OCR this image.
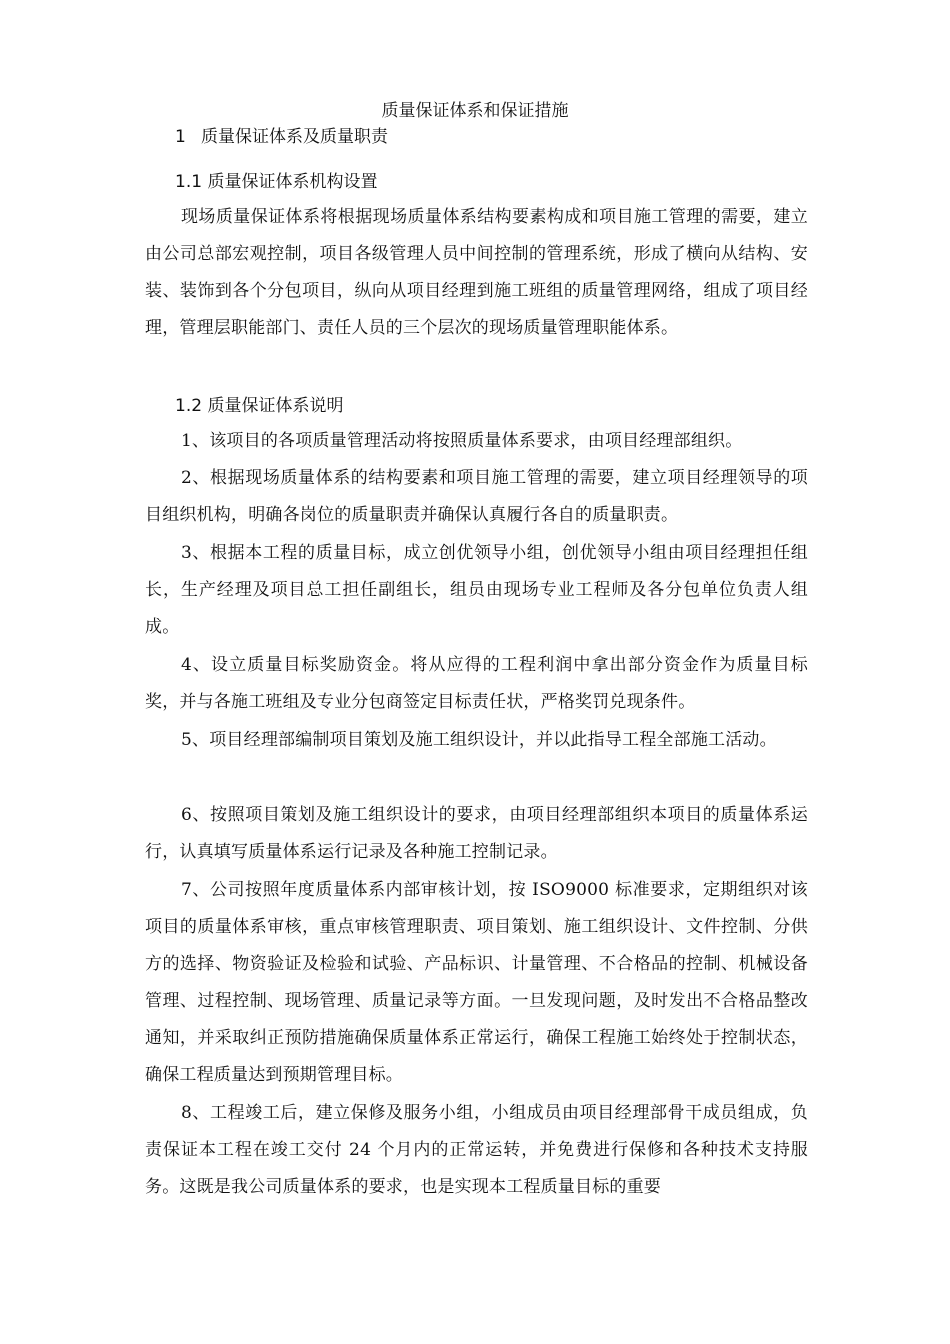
质量保证体系和保证措施
1 质量保证体系及质量职责
1.1 质量保证体系机构设置
现场质量保证体系将根据现场质量体系结构要素构成和项目施工管理的需要，建立由公司总部宏观控制，项目各级管理人员中间控制的管理系统，形成了横向从结构、安装、装饰到各个分包项目，纵向从项目经理到施工班组的质量管理网络，组成了项目经理，管理层职能部门、责任人员的三个层次的现场质量管理职能体系。
1.2 质量保证体系说明
1、该项目的各项质量管理活动将按照质量体系要求，由项目经理部组织。
2、根据现场质量体系的结构要素和项目施工管理的需要，建立项目经理领导的项目组织机构，明确各岗位的质量职责并确保认真履行各自的质量职责。
3、根据本工程的质量目标，成立创优领导小组，创优领导小组由项目经理担任组长，生产经理及项目总工担任副组长，组员由现场专业工程师及各分包单位负责人组成。
4、设立质量目标奖励资金。将从应得的工程利润中拿出部分资金作为质量目标奖，并与各施工班组及专业分包商签定目标责任状，严格奖罚兑现条件。
5、项目经理部编制项目策划及施工组织设计，并以此指导工程全部施工活动。
6、按照项目策划及施工组织设计的要求，由项目经理部组织本项目的质量体系运行，认真填写质量体系运行记录及各种施工控制记录。
7、公司按照年度质量体系内部审核计划，按 ISO9000 标准要求，定期组织对该项目的质量体系审核，重点审核管理职责、项目策划、施工组织设计、文件控制、分供方的选择、物资验证及检验和试验、产品标识、计量管理、不合格品的控制、机械设备管理、过程控制、现场管理、质量记录等方面。一旦发现问题，及时发出不合格品整改通知，并采取纠正预防措施确保质量体系正常运行，确保工程施工始终处于控制状态，确保工程质量达到预期管理目标。
8、工程竣工后，建立保修及服务小组，小组成员由项目经理部骨干成员组成，负责保证本工程在竣工交付 24 个月内的正常运转，并免费进行保修和各种技术支持服务。这既是我公司质量体系的要求，也是实现本工程质量目标的重要
